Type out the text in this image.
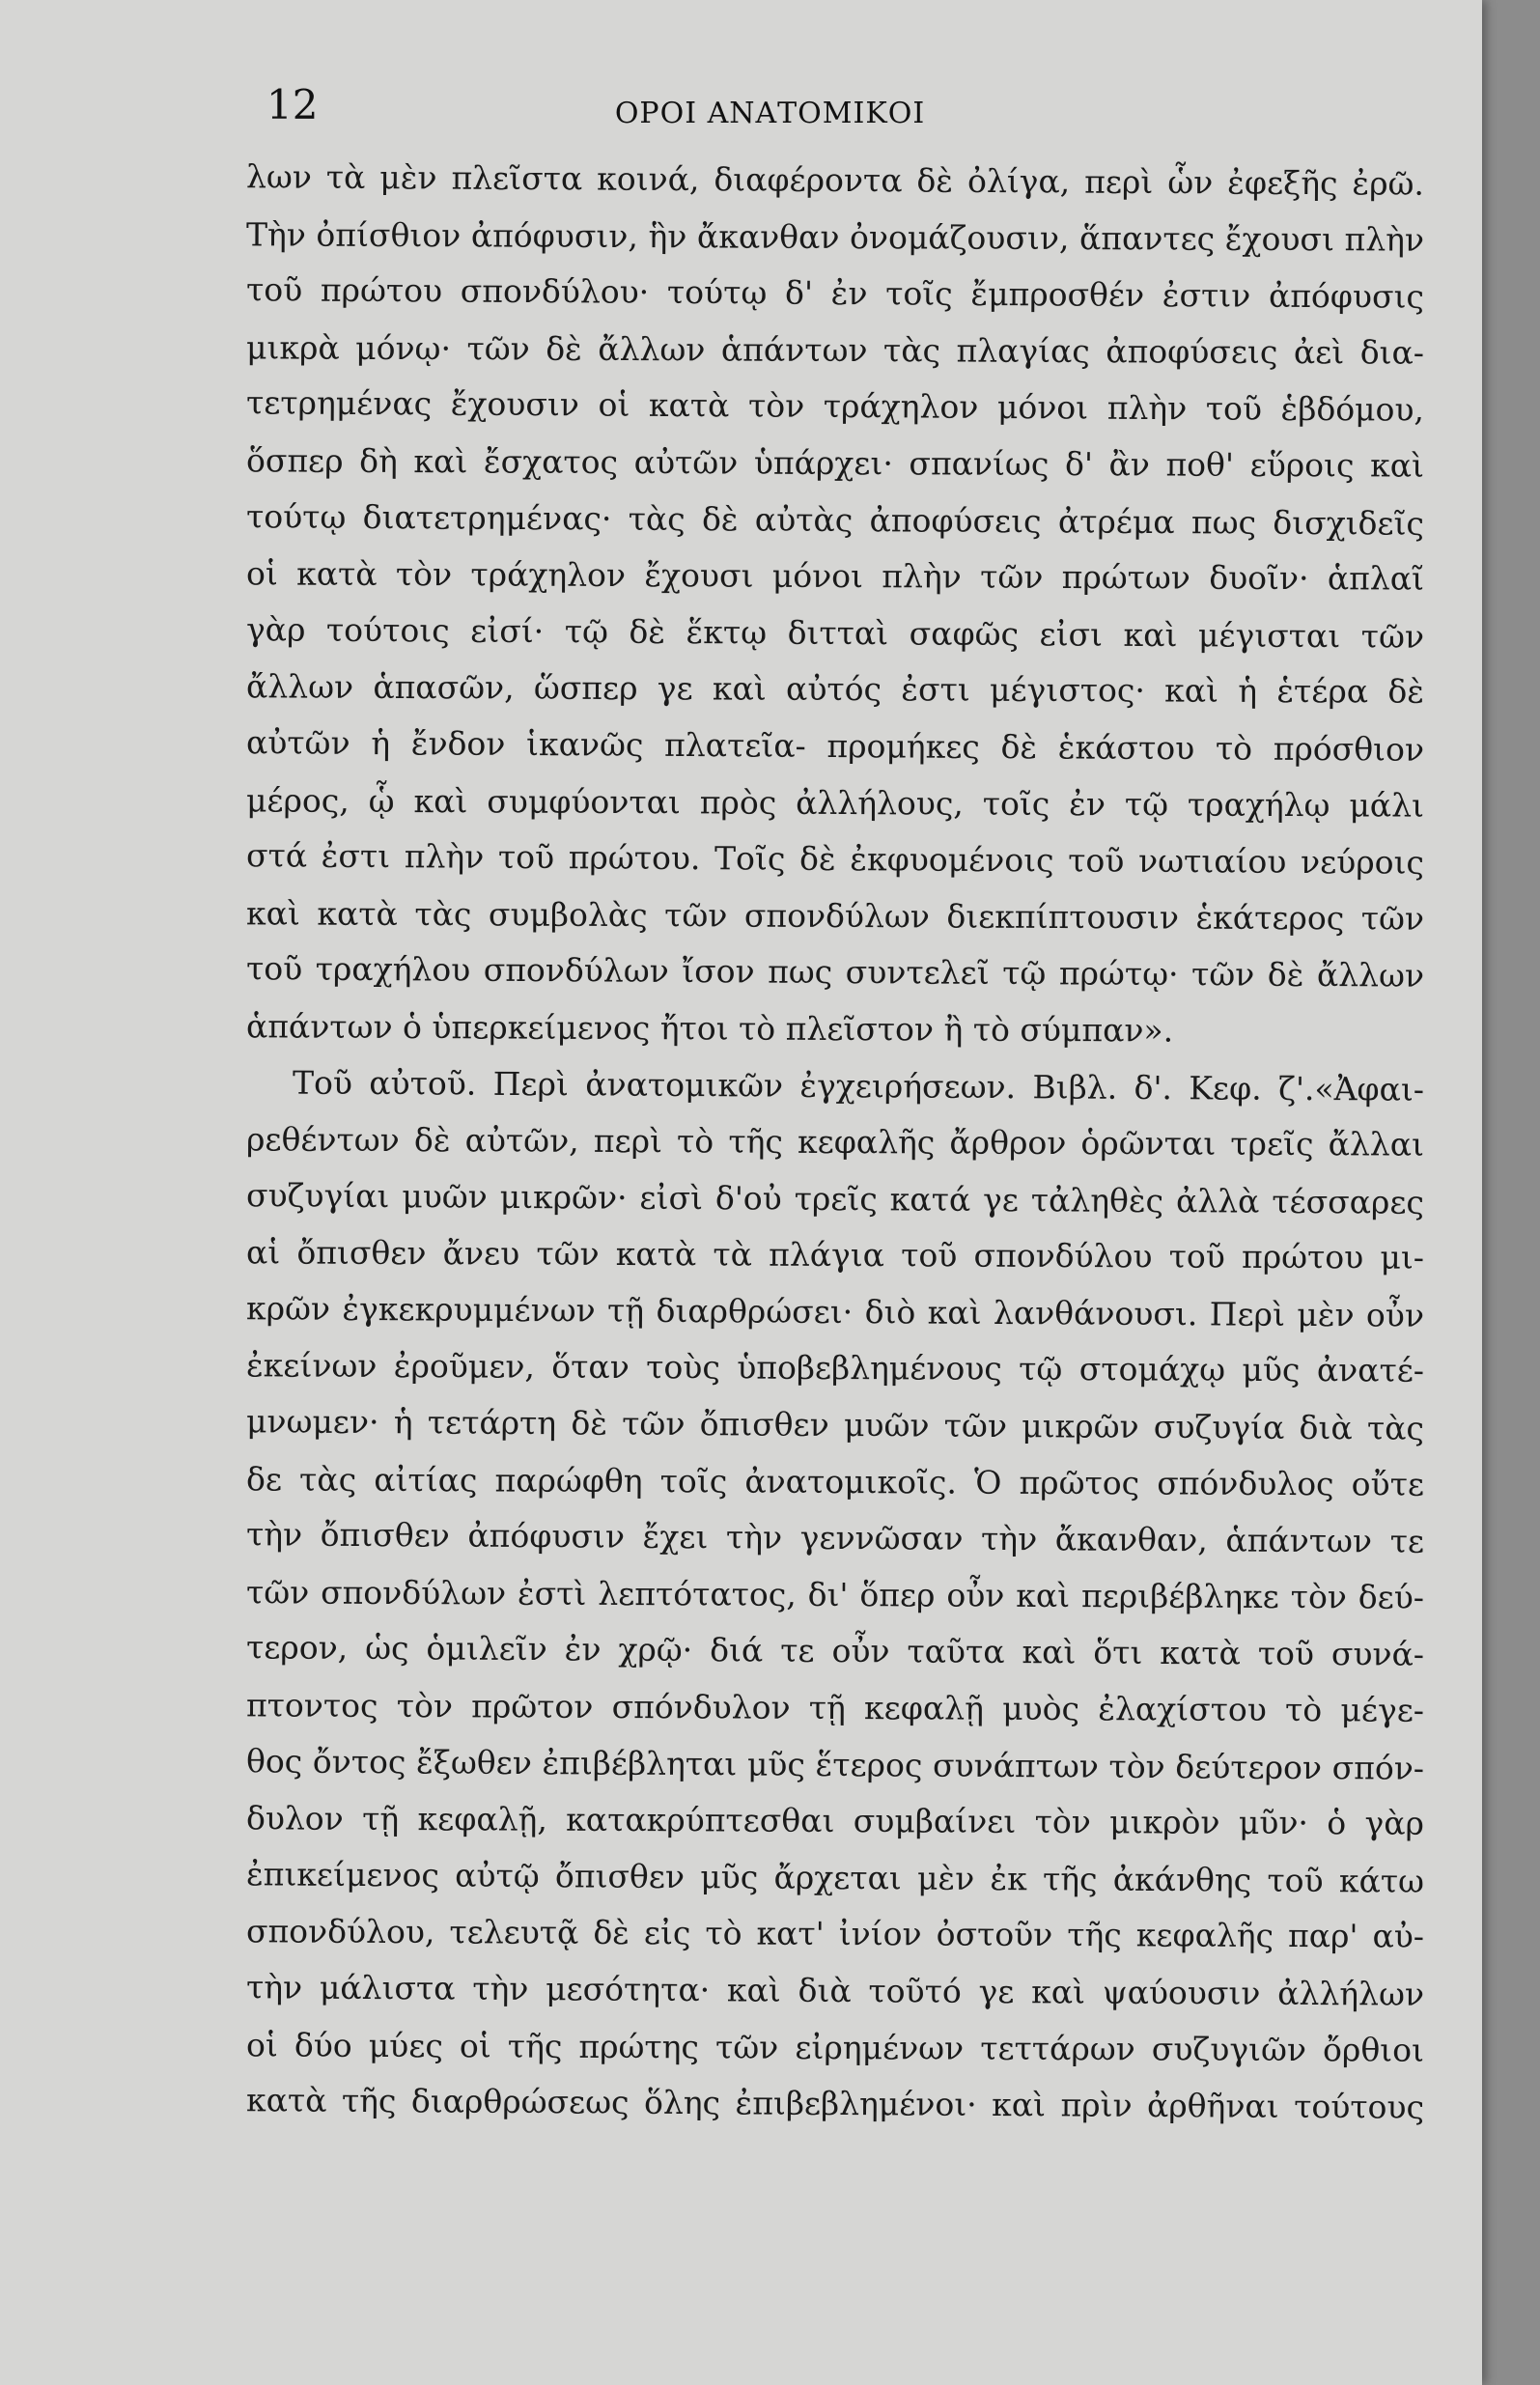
12	ΟΡΟΙ ΑΝΑΤΟΜΙΚΟΙ
λων τὰ μὲν πλεῖστα κοινά, διαφέροντα δὲ ὀλίγα, περὶ ὧν ἐφεξῆς ἐρῶ.
Τὴν ὀπίσθιον ἀπόφυσιν, ἣν ἄκανθαν ὀνομάζουσιν, ἅπαντες ἔχουσι πλὴν
τοῦ πρώτου σπονδύλου· τούτῳ δ' ἐν τοῖς ἔμπροσθέν ἐστιν ἀπόφυσις
μικρὰ μόνῳ· τῶν δὲ ἄλλων ἁπάντων τὰς πλαγίας ἀποφύσεις ἀεὶ δια-
τετρημένας ἔχουσιν οἱ κατὰ τὸν τράχηλον μόνοι πλὴν τοῦ ἑβδόμου,
ὅσπερ δὴ καὶ ἔσχατος αὐτῶν ὑπάρχει· σπανίως δ' ἂν ποθ' εὕροις καὶ
τούτῳ διατετρημένας· τὰς δὲ αὐτὰς ἀποφύσεις ἀτρέμα πως δισχιδεῖς
οἱ κατὰ τὸν τράχηλον ἔχουσι μόνοι πλὴν τῶν πρώτων δυοῖν· ἁπλαῖ
γὰρ τούτοις εἰσί· τῷ δὲ ἕκτῳ διτταὶ σαφῶς εἰσι καὶ μέγισται τῶν
ἄλλων ἁπασῶν, ὥσπερ γε καὶ αὐτός ἐστι μέγιστος· καὶ ἡ ἑτέρα δὲ
αὐτῶν ἡ ἔνδον ἱκανῶς πλατεῖα- προμήκες δὲ ἑκάστου τὸ πρόσθιον
μέρος, ᾧ καὶ συμφύονται πρὸς ἀλλήλους, τοῖς ἐν τῷ τραχήλῳ μάλι
στά ἐστι πλὴν τοῦ πρώτου. Τοῖς δὲ ἐκφυομένοις τοῦ νωτιαίου νεύροις
καὶ κατὰ τὰς συμβολὰς τῶν σπονδύλων διεκπίπτουσιν ἑκάτερος τῶν
τοῦ τραχήλου σπονδύλων ἴσον πως συντελεῖ τῷ πρώτῳ· τῶν δὲ ἄλλων
ἁπάντων ὁ ὑπερκείμενος ἤτοι τὸ πλεῖστον ἢ τὸ σύμπαν».
Τοῦ αὐτοῦ. Περὶ ἀνατομικῶν ἐγχειρήσεων. Βιβλ. δ'. Κεφ. ζ'.«Ἀφαι-
ρεθέντων δὲ αὐτῶν, περὶ τὸ τῆς κεφαλῆς ἄρθρον ὁρῶνται τρεῖς ἄλλαι
συζυγίαι μυῶν μικρῶν· εἰσὶ δ'οὐ τρεῖς κατά γε τἀληθὲς ἀλλὰ τέσσαρες
αἱ ὄπισθεν ἄνευ τῶν κατὰ τὰ πλάγια τοῦ σπονδύλου τοῦ πρώτου μι-
κρῶν ἐγκεκρυμμένων τῇ διαρθρώσει· διὸ καὶ λανθάνουσι. Περὶ μὲν οὖν
ἐκείνων ἐροῦμεν, ὅταν τοὺς ὑποβεβλημένους τῷ στομάχῳ μῦς ἀνατέ-
μνωμεν· ἡ τετάρτη δὲ τῶν ὄπισθεν μυῶν τῶν μικρῶν συζυγία διὰ τὰς
δε τὰς αἰτίας παρώφθη τοῖς ἀνατομικοῖς. Ὁ πρῶτος σπόνδυλος οὔτε
τὴν ὄπισθεν ἀπόφυσιν ἔχει τὴν γεννῶσαν τὴν ἄκανθαν, ἁπάντων τε
τῶν σπονδύλων ἐστὶ λεπτότατος, δι' ὅπερ οὖν καὶ περιβέβληκε τὸν δεύ-
τερον, ὡς ὁμιλεῖν ἐν χρῷ· διά τε οὖν ταῦτα καὶ ὅτι κατὰ τοῦ συνά-
πτοντος τὸν πρῶτον σπόνδυλον τῇ κεφαλῇ μυὸς ἐλαχίστου τὸ μέγε-
θος ὄντος ἔξωθεν ἐπιβέβληται μῦς ἕτερος συνάπτων τὸν δεύτερον σπόν-
δυλον τῇ κεφαλῇ, κατακρύπτεσθαι συμβαίνει τὸν μικρὸν μῦν· ὁ γὰρ
ἐπικείμενος αὐτῷ ὄπισθεν μῦς ἄρχεται μὲν ἐκ τῆς ἀκάνθης τοῦ κάτω
σπονδύλου, τελευτᾷ δὲ εἰς τὸ κατ' ἰνίον ὀστοῦν τῆς κεφαλῆς παρ' αὐ-
τὴν μάλιστα τὴν μεσότητα· καὶ διὰ τοῦτό γε καὶ ψαύουσιν ἀλλήλων
οἱ δύο μύες οἱ τῆς πρώτης τῶν εἰρημένων τεττάρων συζυγιῶν ὄρθιοι
κατὰ τῆς διαρθρώσεως ὅλης ἐπιβεβλημένοι· καὶ πρὶν ἀρθῆναι τούτους
